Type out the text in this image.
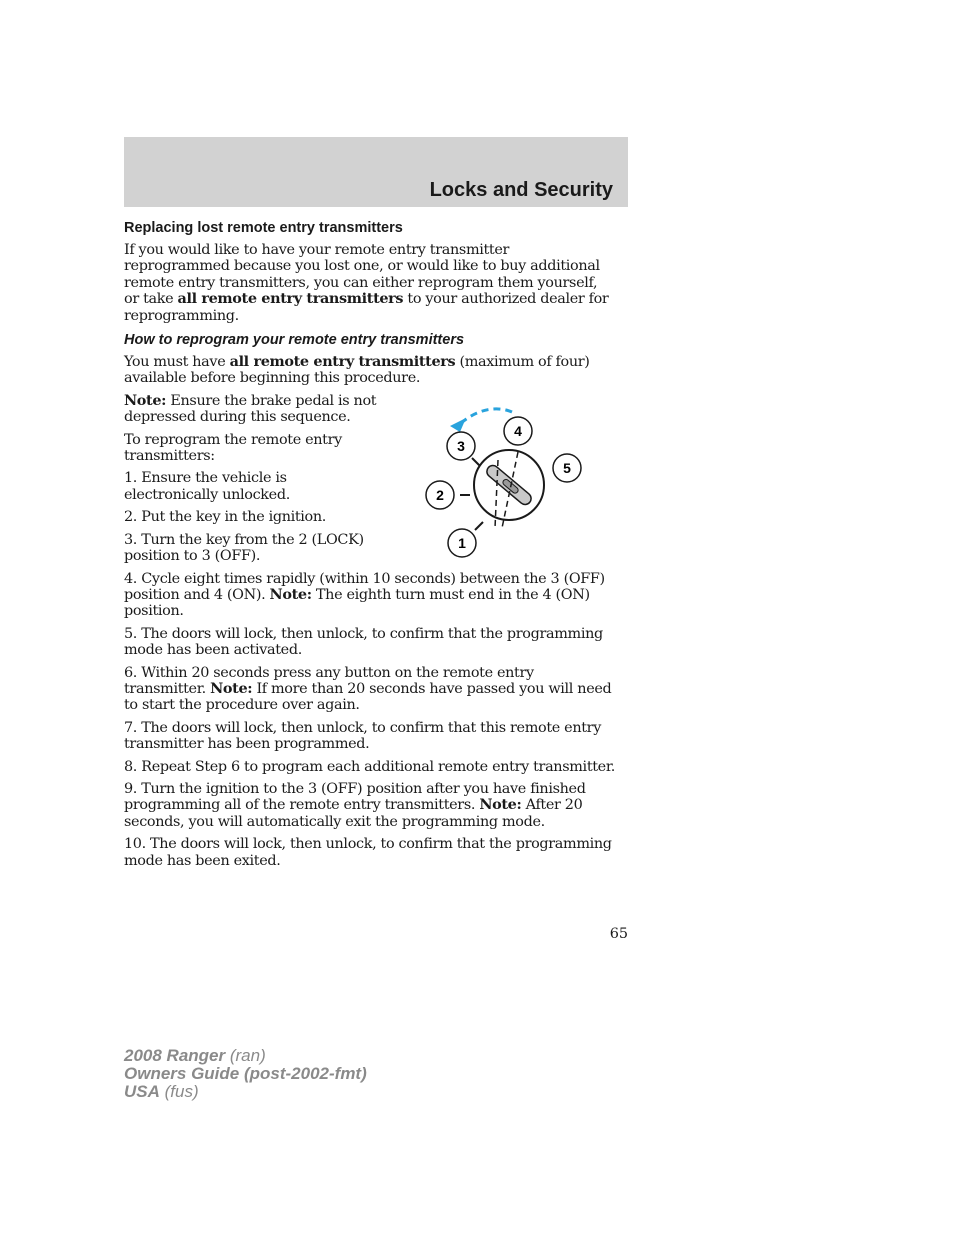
Locks and Security
Replacing lost remote entry transmitters

If you would like to have your remote entry transmitter reprogrammed because you lost one, or would like to buy additional remote entry transmitters, you can either reprogram them yourself, or take all remote entry transmitters to your authorized dealer for reprogramming.

How to reprogram your remote entry transmitters

You must have all remote entry transmitters (maximum of four) available before beginning this procedure.

Note: Ensure the brake pedal is not depressed during this sequence.

To reprogram the remote entry transmitters:

1. Ensure the vehicle is electronically unlocked.

2. Put the key in the ignition.

3. Turn the key from the 2 (LOCK) position to 3 (OFF).

4. Cycle eight times rapidly (within 10 seconds) between the 3 (OFF) position and 4 (ON). Note: The eighth turn must end in the 4 (ON) position.

5. The doors will lock, then unlock, to confirm that the programming mode has been activated.

6. Within 20 seconds press any button on the remote entry transmitter. Note: If more than 20 seconds have passed you will need to start the procedure over again.

7. The doors will lock, then unlock, to confirm that this remote entry transmitter has been programmed.

8. Repeat Step 6 to program each additional remote entry transmitter.

9. Turn the ignition to the 3 (OFF) position after you have finished programming all of the remote entry transmitters. Note: After 20 seconds, you will automatically exit the programming mode.

10. The doors will lock, then unlock, to confirm that the programming mode has been exited.

3
4
5
2
1
65
2008 Ranger (ran)
Owners Guide (post-2002-fmt)
USA (fus)
